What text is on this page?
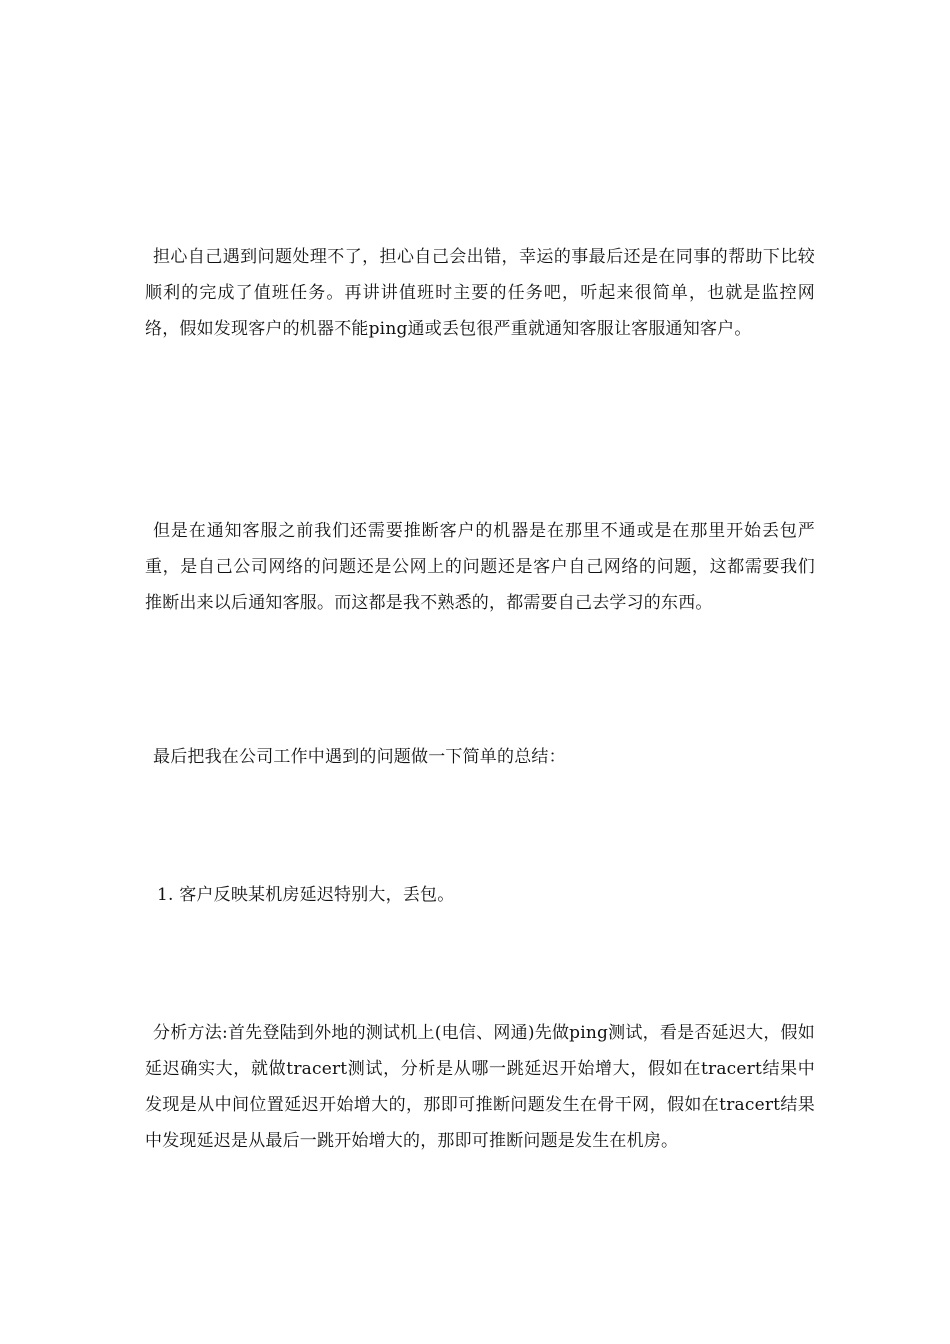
担心自己遇到问题处理不了，担心自己会出错，幸运的事最后还是在同事的帮助下比较顺利的完成了值班任务。再讲讲值班时主要的任务吧，听起来很简单，也就是监控网络，假如发现客户的机器不能ping通或丢包很严重就通知客服让客服通知客户。

但是在通知客服之前我们还需要推断客户的机器是在那里不通或是在那里开始丢包严重，是自己公司网络的问题还是公网上的问题还是客户自己网络的问题，这都需要我们推断出来以后通知客服。而这都是我不熟悉的，都需要自己去学习的东西。

最后把我在公司工作中遇到的问题做一下简单的总结：

1. 客户反映某机房延迟特别大，丢包。

分析方法:首先登陆到外地的测试机上(电信、网通)先做ping测试，看是否延迟大，假如延迟确实大，就做tracert测试，分析是从哪一跳延迟开始增大，假如在tracert结果中发现是从中间位置延迟开始增大的，那即可推断问题发生在骨干网，假如在tracert结果中发现延迟是从最后一跳开始增大的，那即可推断问题是发生在机房。
